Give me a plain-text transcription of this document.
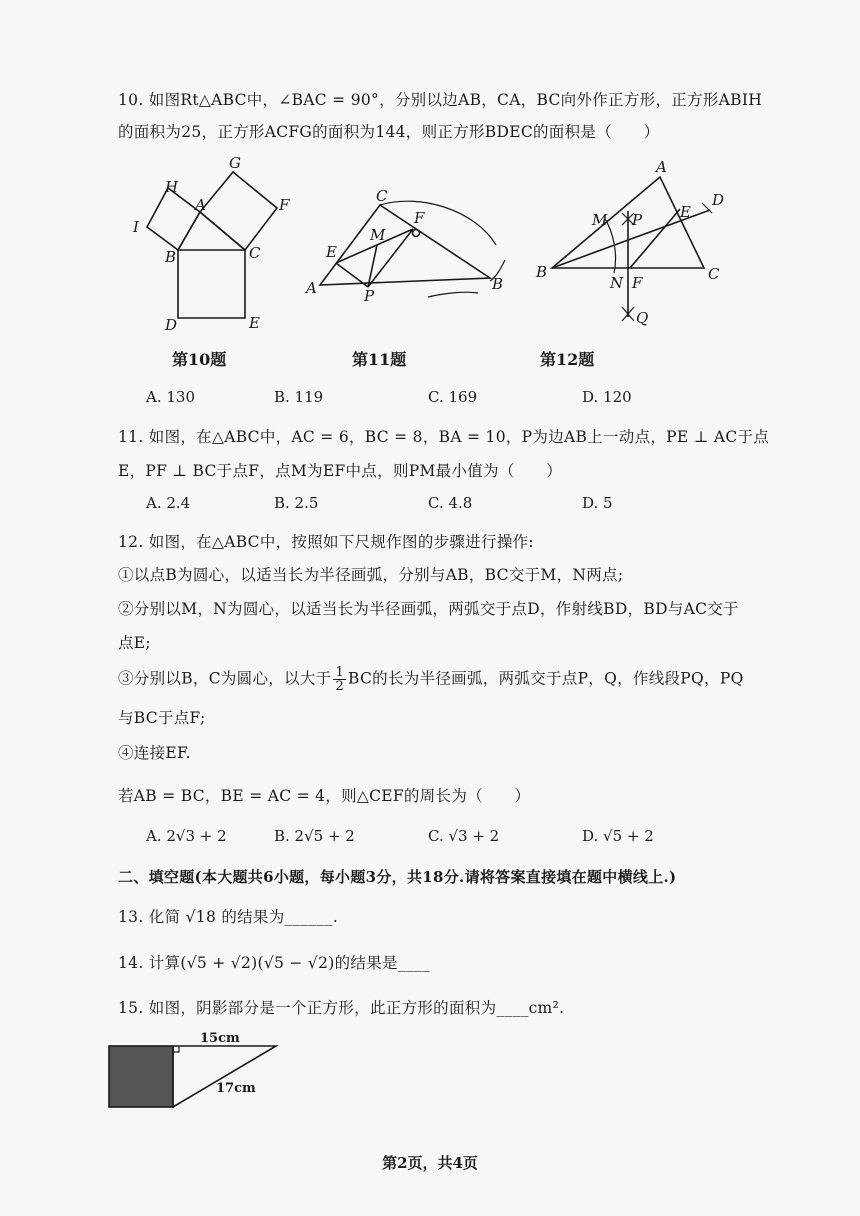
10. 如图Rt△ABC中，∠BAC = 90°，分别以边AB，CA，BC向外作正方形，正方形ABIH
的面积为25，正方形ACFG的面积为144，则正方形BDEC的面积是（　　）
G
H
A	F
I
B	C
D	E
C
F
E
M
A	P
B
A
D
M P	E
B
N F	C
Q
第10题	第11题	第12题
A. 130	B. 119	C. 169	D. 120
11. 如图，在△ABC中，AC = 6，BC = 8，BA = 10，P为边AB上一动点，PE ⊥ AC于点
E，PF ⊥ BC于点F，点M为EF中点，则PM最小值为（　　）
A. 2.4	B. 2.5	C. 4.8	D. 5
12. 如图，在△ABC中，按照如下尺规作图的步骤进行操作:
①以点B为圆心，以适当长为半径画弧，分别与AB，BC交于M，N两点;
②分别以M，N为圆心，以适当长为半径画弧，两弧交于点D，作射线BD，BD与AC交于
点E;
③分别以B，C为圆心，以大于 $\frac{1}{2}$ BC的长为半径画弧，两弧交于点P，Q，作线段PQ，PQ
与BC于点F;
④连接EF.
若AB = BC，BE = AC = 4，则△CEF的周长为（　　）
A. 2√3 + 2	B. 2√5 + 2	C. √3 + 2	D. √5 + 2
二、填空题(本大题共6小题，每小题3分，共18分.请将答案直接填在题中横线上.)
13. 化简 √18 的结果为______.
14. 计算(√5 + √2)(√5 − √2)的结果是____
15. 如图，阴影部分是一个正方形，此正方形的面积为____cm².
15cm
17cm
第2页，共4页
